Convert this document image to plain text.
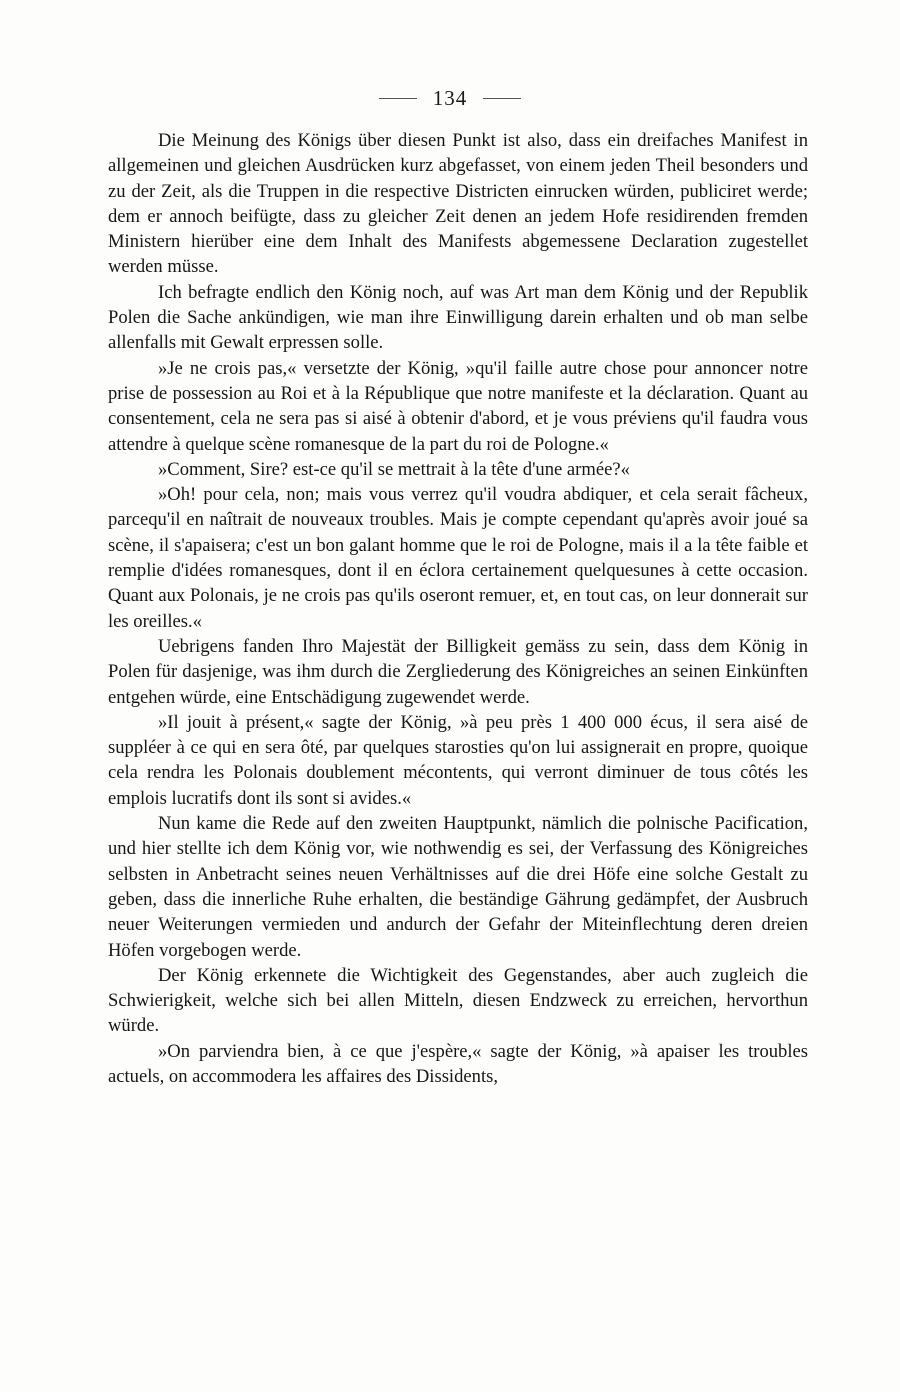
134

Die Meinung des Königs über diesen Punkt ist also, dass ein dreifaches Manifest in allgemeinen und gleichen Ausdrücken kurz abgefasset, von einem jeden Theil besonders und zu der Zeit, als die Truppen in die respective Districten einrucken würden, publiciret werde; dem er annoch beifügte, dass zu gleicher Zeit denen an jedem Hofe residirenden fremden Ministern hierüber eine dem Inhalt des Manifests abgemessene Declaration zugestellet werden müsse.

Ich befragte endlich den König noch, auf was Art man dem König und der Republik Polen die Sache ankündigen, wie man ihre Einwilligung darein erhalten und ob man selbe allenfalls mit Gewalt erpressen solle.

»Je ne crois pas,« versetzte der König, »qu'il faille autre chose pour annoncer notre prise de possession au Roi et à la République que notre manifeste et la déclaration. Quant au consentement, cela ne sera pas si aisé à obtenir d'abord, et je vous préviens qu'il faudra vous attendre à quelque scène romanesque de la part du roi de Pologne.«

»Comment, Sire? est-ce qu'il se mettrait à la tête d'une armée?«

»Oh! pour cela, non; mais vous verrez qu'il voudra abdiquer, et cela serait fâcheux, parcequ'il en naîtrait de nouveaux troubles. Mais je compte cependant qu'après avoir joué sa scène, il s'apaisera; c'est un bon galant homme que le roi de Pologne, mais il a la tête faible et remplie d'idées romanesques, dont il en éclora certainement quelquesunes à cette occasion. Quant aux Polonais, je ne crois pas qu'ils oseront remuer, et, en tout cas, on leur donnerait sur les oreilles.«

Uebrigens fanden Ihro Majestät der Billigkeit gemäss zu sein, dass dem König in Polen für dasjenige, was ihm durch die Zergliederung des Königreiches an seinen Einkünften entgehen würde, eine Entschädigung zugewendet werde.

»Il jouit à présent,« sagte der König, »à peu près 1 400 000 écus, il sera aisé de suppléer à ce qui en sera ôté, par quelques starosties qu'on lui assignerait en propre, quoique cela rendra les Polonais doublement mécontents, qui verront diminuer de tous côtés les emplois lucratifs dont ils sont si avides.«

Nun kame die Rede auf den zweiten Hauptpunkt, nämlich die polnische Pacification, und hier stellte ich dem König vor, wie nothwendig es sei, der Verfassung des Königreiches selbsten in Anbetracht seines neuen Verhältnisses auf die drei Höfe eine solche Gestalt zu geben, dass die innerliche Ruhe erhalten, die beständige Gährung gedämpfet, der Ausbruch neuer Weiterungen vermieden und andurch der Gefahr der Miteinflechtung deren dreien Höfen vorgebogen werde.

Der König erkennete die Wichtigkeit des Gegenstandes, aber auch zugleich die Schwierigkeit, welche sich bei allen Mitteln, diesen Endzweck zu erreichen, hervorthun würde.

»On parviendra bien, à ce que j'espère,« sagte der König, »à apaiser les troubles actuels, on accommodera les affaires des Dissidents,
